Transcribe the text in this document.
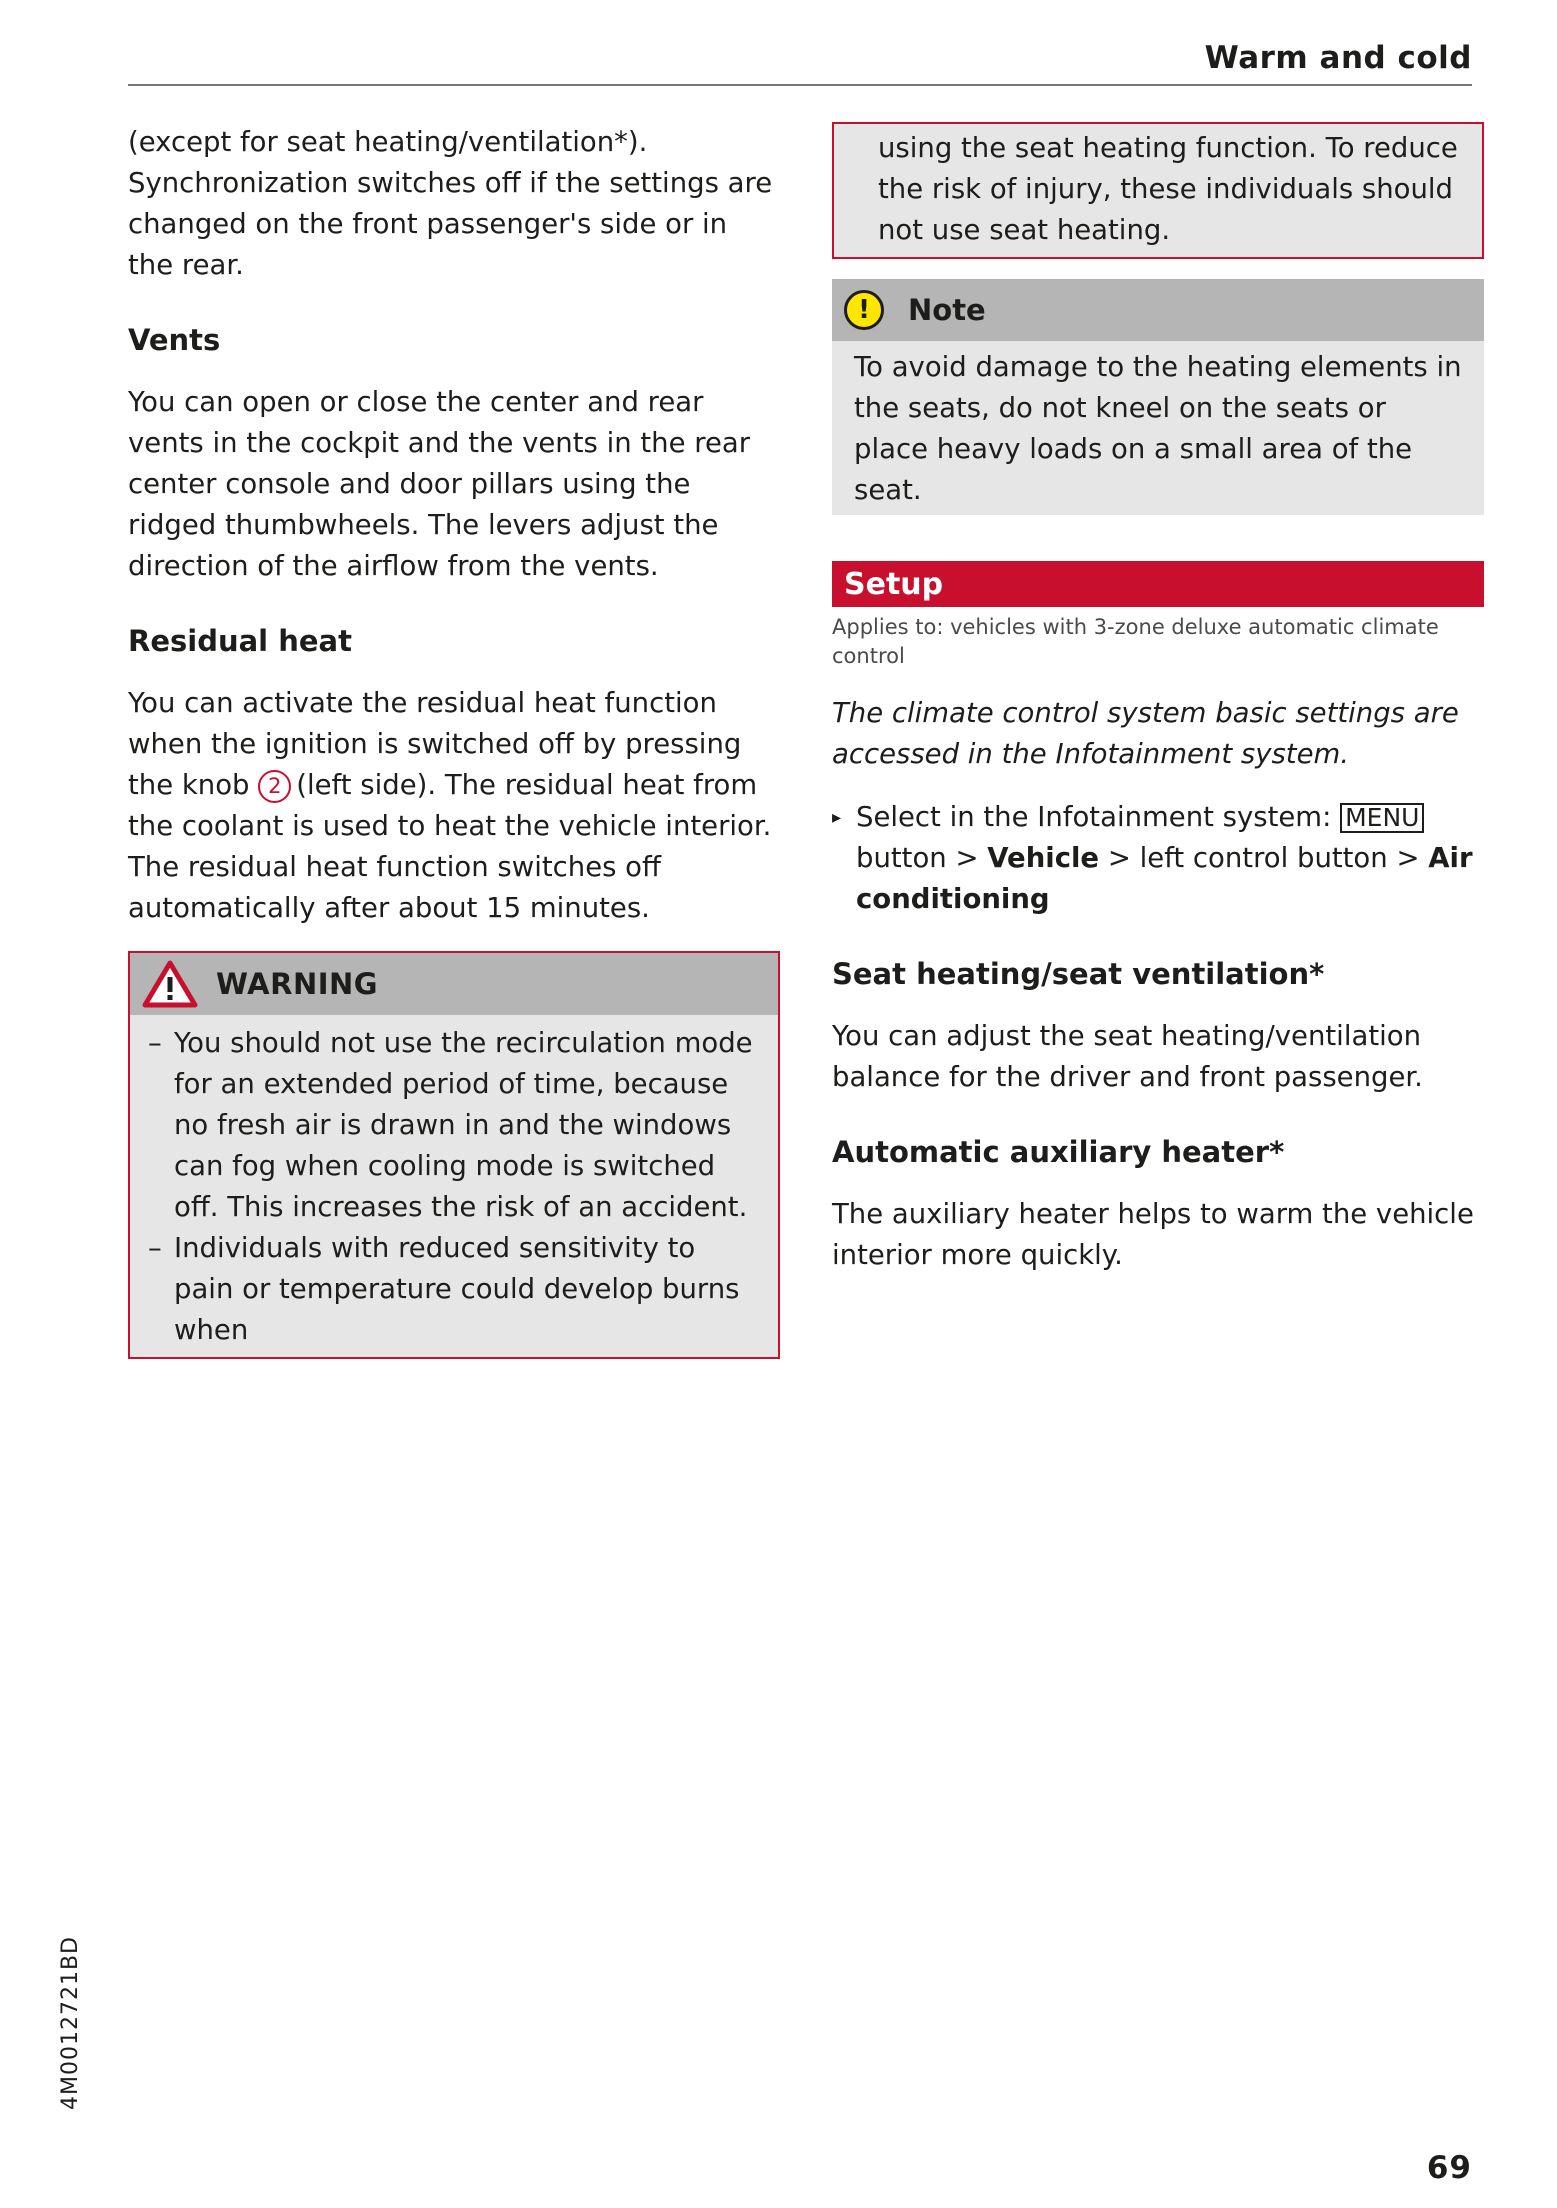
Warm and cold

(except for seat heating/ventilation*). Synchronization switches off if the settings are changed on the front passenger's side or in the rear.

Vents

You can open or close the center and rear vents in the cockpit and the vents in the rear center console and door pillars using the ridged thumbwheels. The levers adjust the direction of the airflow from the vents.

Residual heat

You can activate the residual heat function when the ignition is switched off by pressing the knob 2 (left side). The residual heat from the coolant is used to heat the vehicle interior. The residual heat function switches off automatically after about 15 minutes.

WARNING
– You should not use the recirculation mode for an extended period of time, because no fresh air is drawn in and the windows can fog when cooling mode is switched off. This increases the risk of an accident.
– Individuals with reduced sensitivity to pain or temperature could develop burns when

using the seat heating function. To reduce the risk of injury, these individuals should not use seat heating.

!	Note
To avoid damage to the heating elements in the seats, do not kneel on the seats or place heavy loads on a small area of the seat.
Setup
Applies to: vehicles with 3-zone deluxe automatic climate control

The climate control system basic settings are accessed in the Infotainment system.

▸ Select in the Infotainment system: MENU button > Vehicle > left control button > Air conditioning

Seat heating/seat ventilation*

You can adjust the seat heating/ventilation balance for the driver and front passenger.

Automatic auxiliary heater*

The auxiliary heater helps to warm the vehicle interior more quickly.

4M0012721BD
69
